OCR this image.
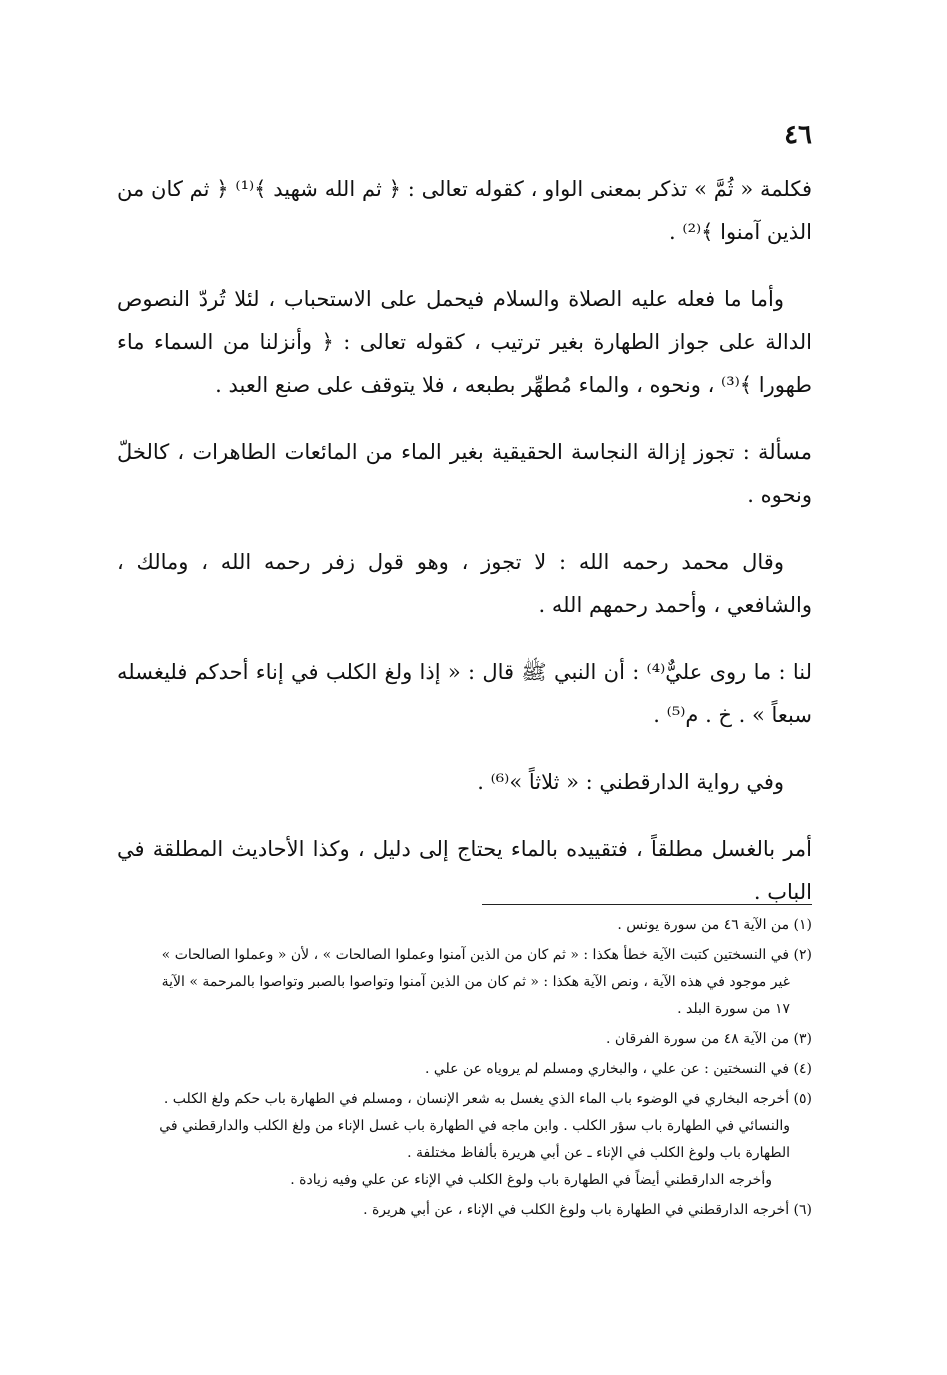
٤٦

فكلمة « ثُمَّ » تذكر بمعنى الواو ، كقوله تعالى : ﴿ ثم الله شهيد ﴾⁽¹⁾ ﴿ ثم كان من الذين آمنوا ﴾⁽²⁾ .

وأما ما فعله عليه الصلاة والسلام فيحمل على الاستحباب ، لئلا تُردّ النصوص الدالة على جواز الطهارة بغير ترتيب ، كقوله تعالى : ﴿ وأنزلنا من السماء ماء طهورا ﴾⁽³⁾ ، ونحوه ، والماء مُطهِّر بطبعه ، فلا يتوقف على صنع العبد .

مسألة : تجوز إزالة النجاسة الحقيقية بغير الماء من المائعات الطاهرات ، كالخلّ ونحوه .

وقال محمد رحمه الله : لا تجوز ، وهو قول زفر رحمه الله ، ومالك ، والشافعي ، وأحمد رحمهم الله .

لنا : ما روى عليٌّ⁽⁴⁾ : أن النبي ﷺ قال : « إذا ولغ الكلب في إناء أحدكم فليغسله سبعاً » . خ . م⁽⁵⁾ .

وفي رواية الدارقطني : « ثلاثاً »⁽⁶⁾ .

أمر بالغسل مطلقاً ، فتقييده بالماء يحتاج إلى دليل ، وكذا الأحاديث المطلقة في الباب .

(١) من الآية ٤٦ من سورة يونس .
(٢) في النسختين كتبت الآية خطأ هكذا : « ثم كان من الذين آمنوا وعملوا الصالحات » ، لأن « وعملوا الصالحات »
غير موجود في هذه الآية ، ونص الآية هكذا : « ثم كان من الذين آمنوا وتواصوا بالصبر وتواصوا بالمرحمة » الآية
١٧ من سورة البلد .
(٣) من الآية ٤٨ من سورة الفرقان .
(٤) في النسختين : عن علي ، والبخاري ومسلم لم يروياه عن علي .
(٥) أخرجه البخاري في الوضوء باب الماء الذي يغسل به شعر الإنسان ، ومسلم في الطهارة باب حكم ولغ الكلب .
والنسائي في الطهارة باب سؤر الكلب . وابن ماجه في الطهارة باب غسل الإناء من ولغ الكلب والدارقطني في
الطهارة باب ولوغ الكلب في الإناء ـ عن أبي هريرة بألفاظ مختلفة .
وأخرجه الدارقطني أيضاً في الطهارة باب ولوغ الكلب في الإناء عن علي وفيه زيادة .
(٦) أخرجه الدارقطني في الطهارة باب ولوغ الكلب في الإناء ، عن أبي هريرة .
